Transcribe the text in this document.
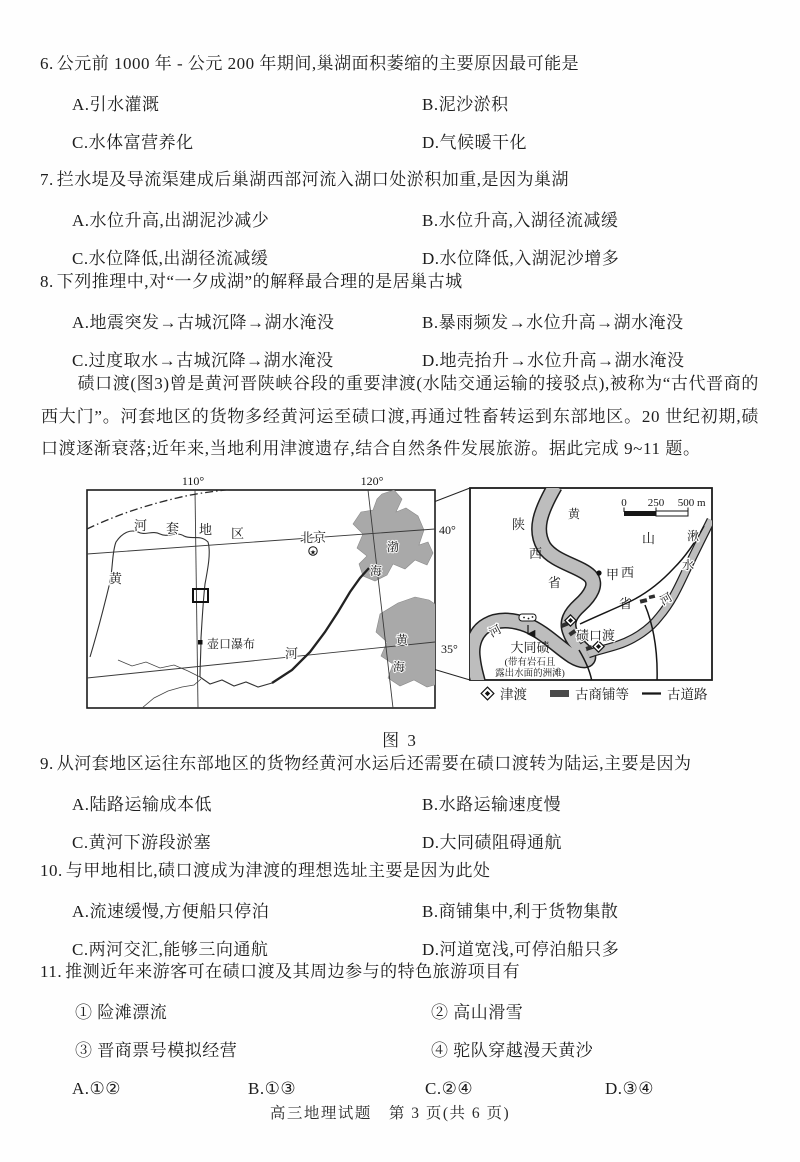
6. 公元前 1000 年 - 公元 200 年期间,巢湖面积萎缩的主要原因最可能是
A.引水灌溉	B.泥沙淤积
C.水体富营养化	D.气候暖干化
7. 拦水堤及导流渠建成后巢湖西部河流入湖口处淤积加重,是因为巢湖
A.水位升高,出湖泥沙减少	B.水位升高,入湖径流减缓
C.水位降低,出湖径流减缓	D.水位降低,入湖泥沙增多
8. 下列推理中,对“一夕成湖”的解释最合理的是居巢古城
A.地震突发→古城沉降→湖水淹没	B.暴雨频发→水位升高→湖水淹没
C.过度取水→古城沉降→湖水淹没	D.地壳抬升→水位升高→湖水淹没
碛口渡(图3)曾是黄河晋陕峡谷段的重要津渡(水陆交通运输的接驳点),被称为“古代晋商的西大门”。河套地区的货物多经黄河运至碛口渡,再通过牲畜转运到东部地区。20 世纪初期,碛口渡逐渐衰落;近年来,当地利用津渡遗存,结合自然条件发展旅游。据此完成 9~11 题。
110°	120°
40°
35°
河 套 地 区
黄
河
北京
★	渤
海
黄
海
壶口瀑布
黄
陕
西
省
山
西
省
湫
水
河
河
甲
碛口渡
大同碛
(带有岩石且
露出水面的洲滩)
0 250 500 m
津渡	古商铺等	古道路
图 3
9. 从河套地区运往东部地区的货物经黄河水运后还需要在碛口渡转为陆运,主要是因为
A.陆路运输成本低	B.水路运输速度慢
C.黄河下游段淤塞	D.大同碛阻碍通航
10. 与甲地相比,碛口渡成为津渡的理想选址主要是因为此处
A.流速缓慢,方便船只停泊	B.商铺集中,利于货物集散
C.两河交汇,能够三向通航	D.河道宽浅,可停泊船只多
11. 推测近年来游客可在碛口渡及其周边参与的特色旅游项目有
① 险滩漂流	② 高山滑雪
③ 晋商票号模拟经营	④ 驼队穿越漫天黄沙
A.①②	B.①③	C.②④	D.③④
高三地理试题　第 3 页(共 6 页)
